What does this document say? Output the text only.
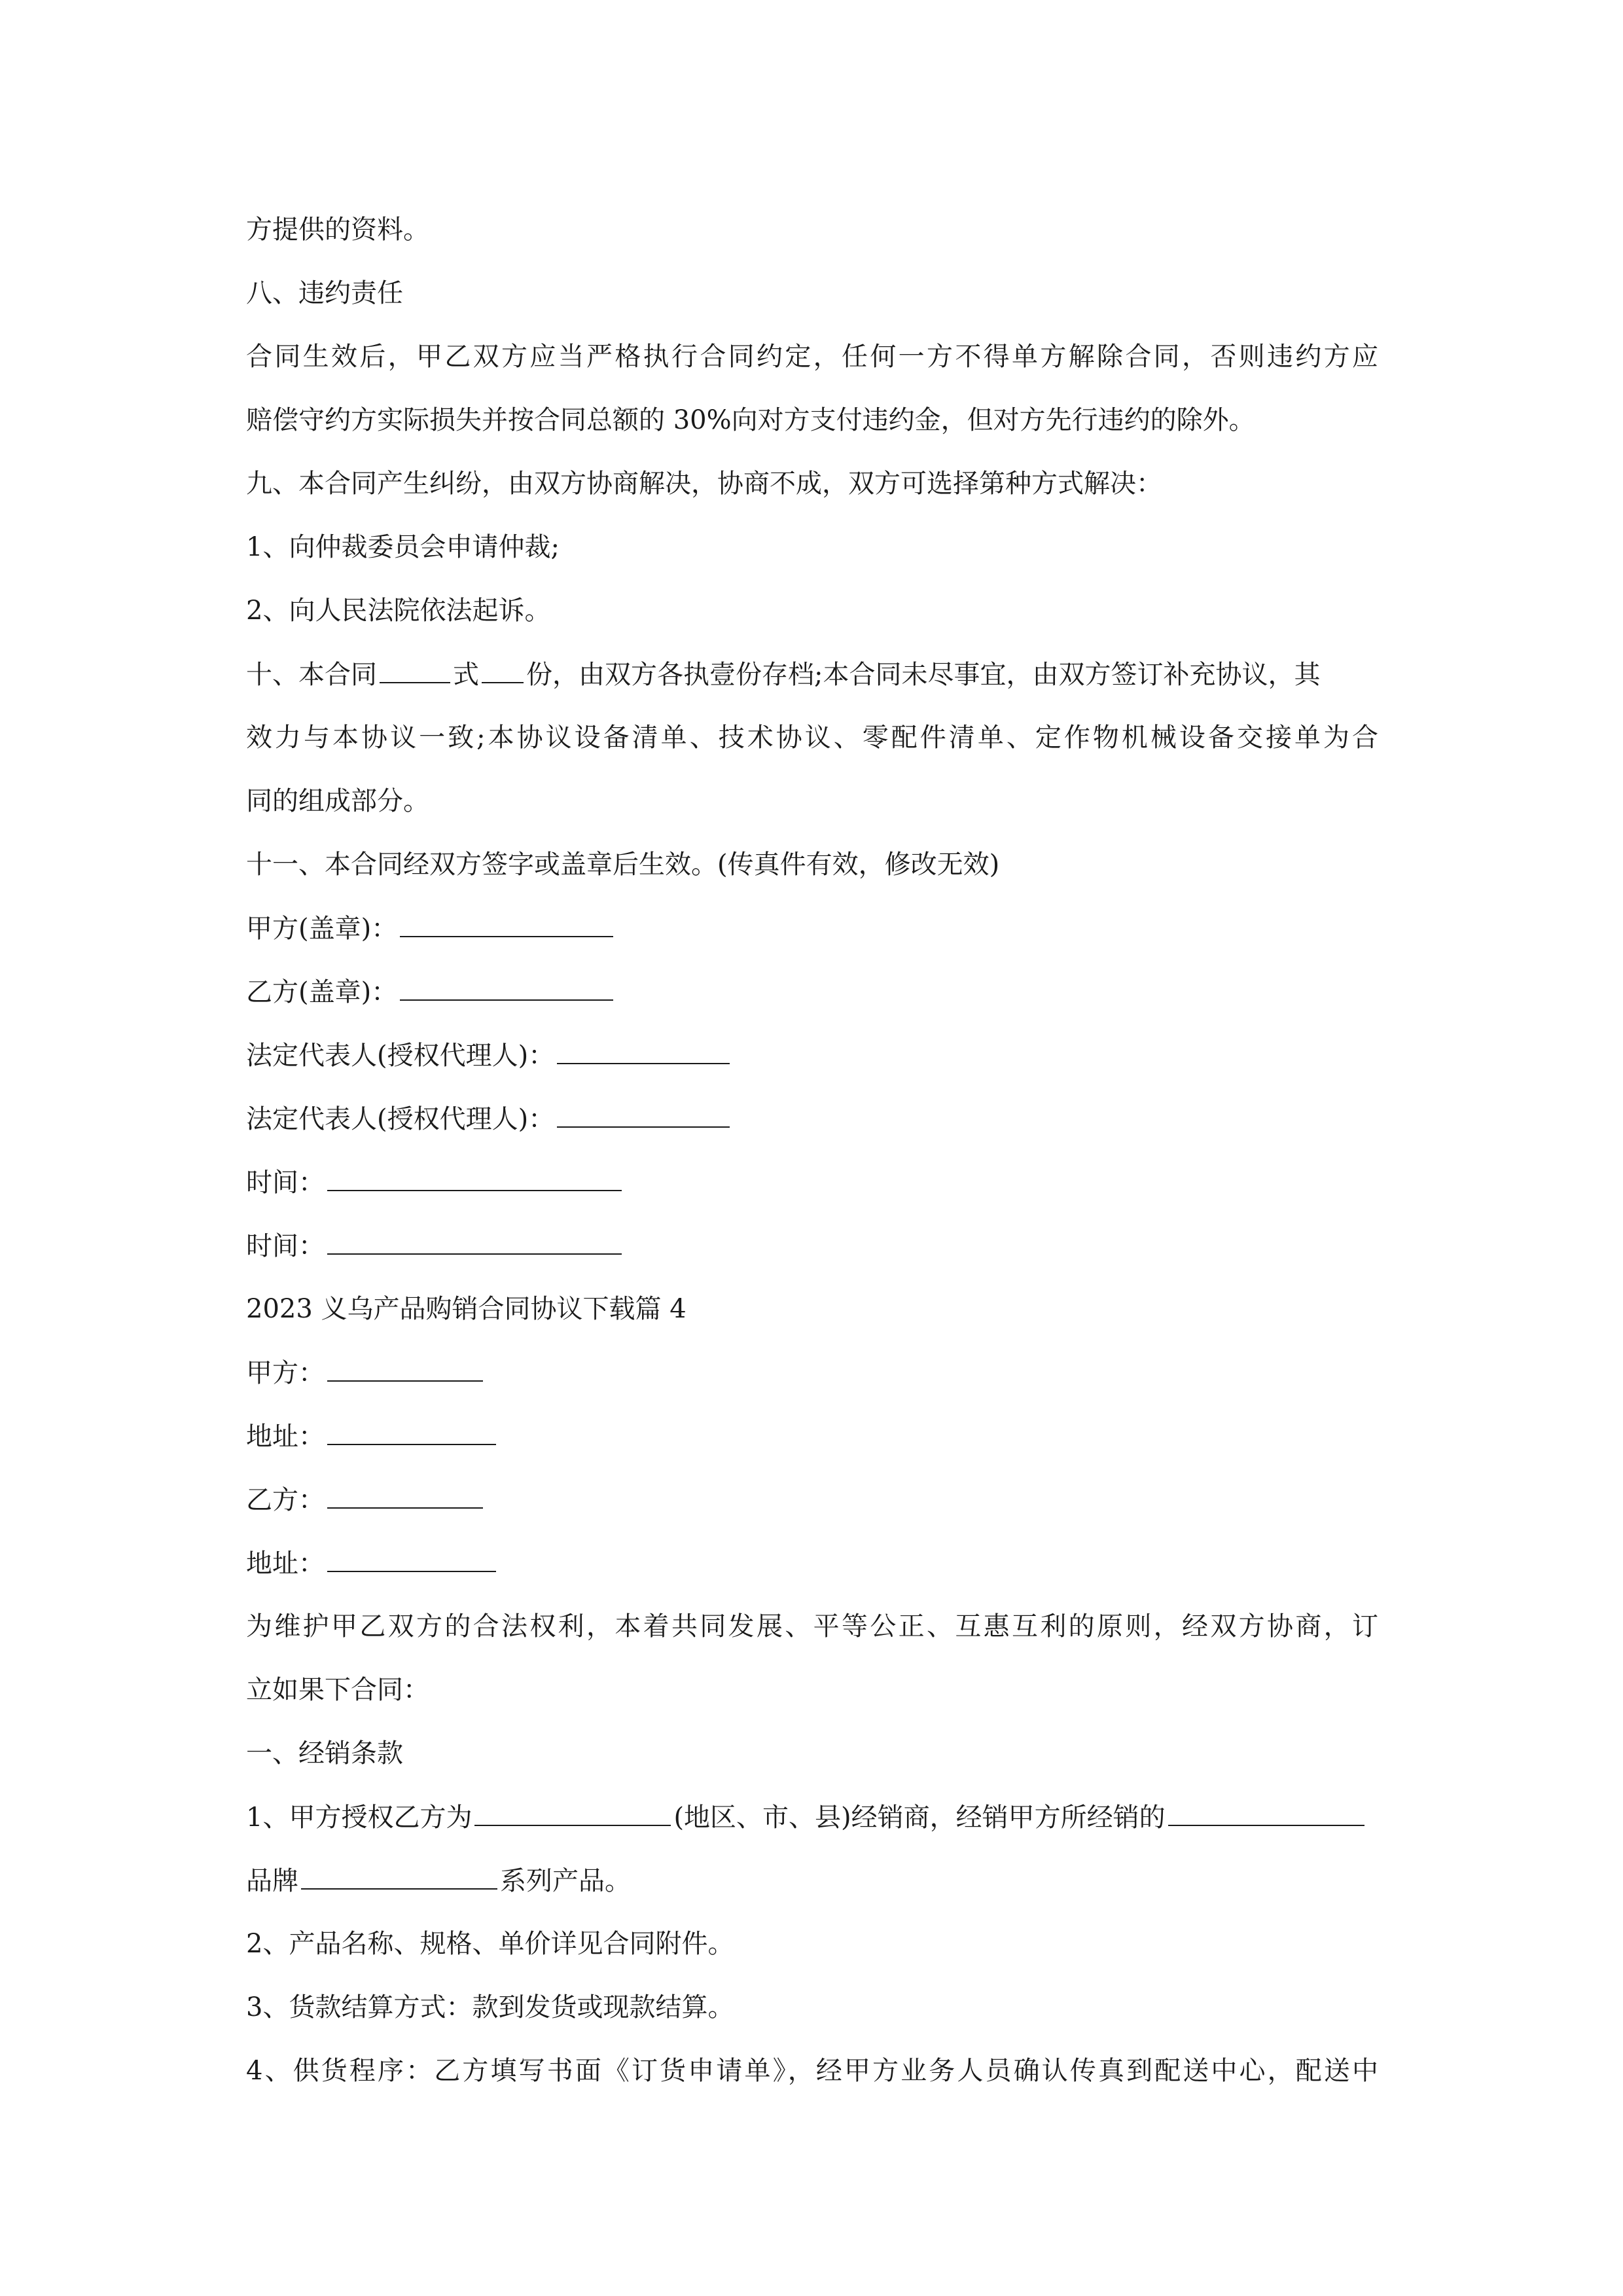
方提供的资料。

八、违约责任

合同生效后，甲乙双方应当严格执行合同约定，任何一方不得单方解除合同，否则违约方应

赔偿守约方实际损失并按合同总额的 30%向对方支付违约金，但对方先行违约的除外。

九、本合同产生纠纷，由双方协商解决，协商不成，双方可选择第种方式解决：

1、向仲裁委员会申请仲裁;

2、向人民法院依法起诉。

十、本合同	式 份，由双方各执壹份存档;本合同未尽事宜，由双方签订补充协议，其

效力与本协议一致;本协议设备清单、技术协议、零配件清单、定作物机械设备交接单为合

同的组成部分。

十一、本合同经双方签字或盖章后生效。(传真件有效，修改无效)

甲方(盖章)：

乙方(盖章)：

法定代表人(授权代理人)：

法定代表人(授权代理人)：

时间：

时间：

2023 义乌产品购销合同协议下载篇 4

甲方：

地址：

乙方：

地址：

为维护甲乙双方的合法权利，本着共同发展、平等公正、互惠互利的原则，经双方协商，订

立如果下合同：

一、经销条款

1、甲方授权乙方为	(地区、市、县)经销商，经销甲方所经销的

品牌	系列产品。

2、产品名称、规格、单价详见合同附件。

3、货款结算方式：款到发货或现款结算。

4、供货程序：乙方填写书面《订货申请单》，经甲方业务人员确认传真到配送中心，配送中
